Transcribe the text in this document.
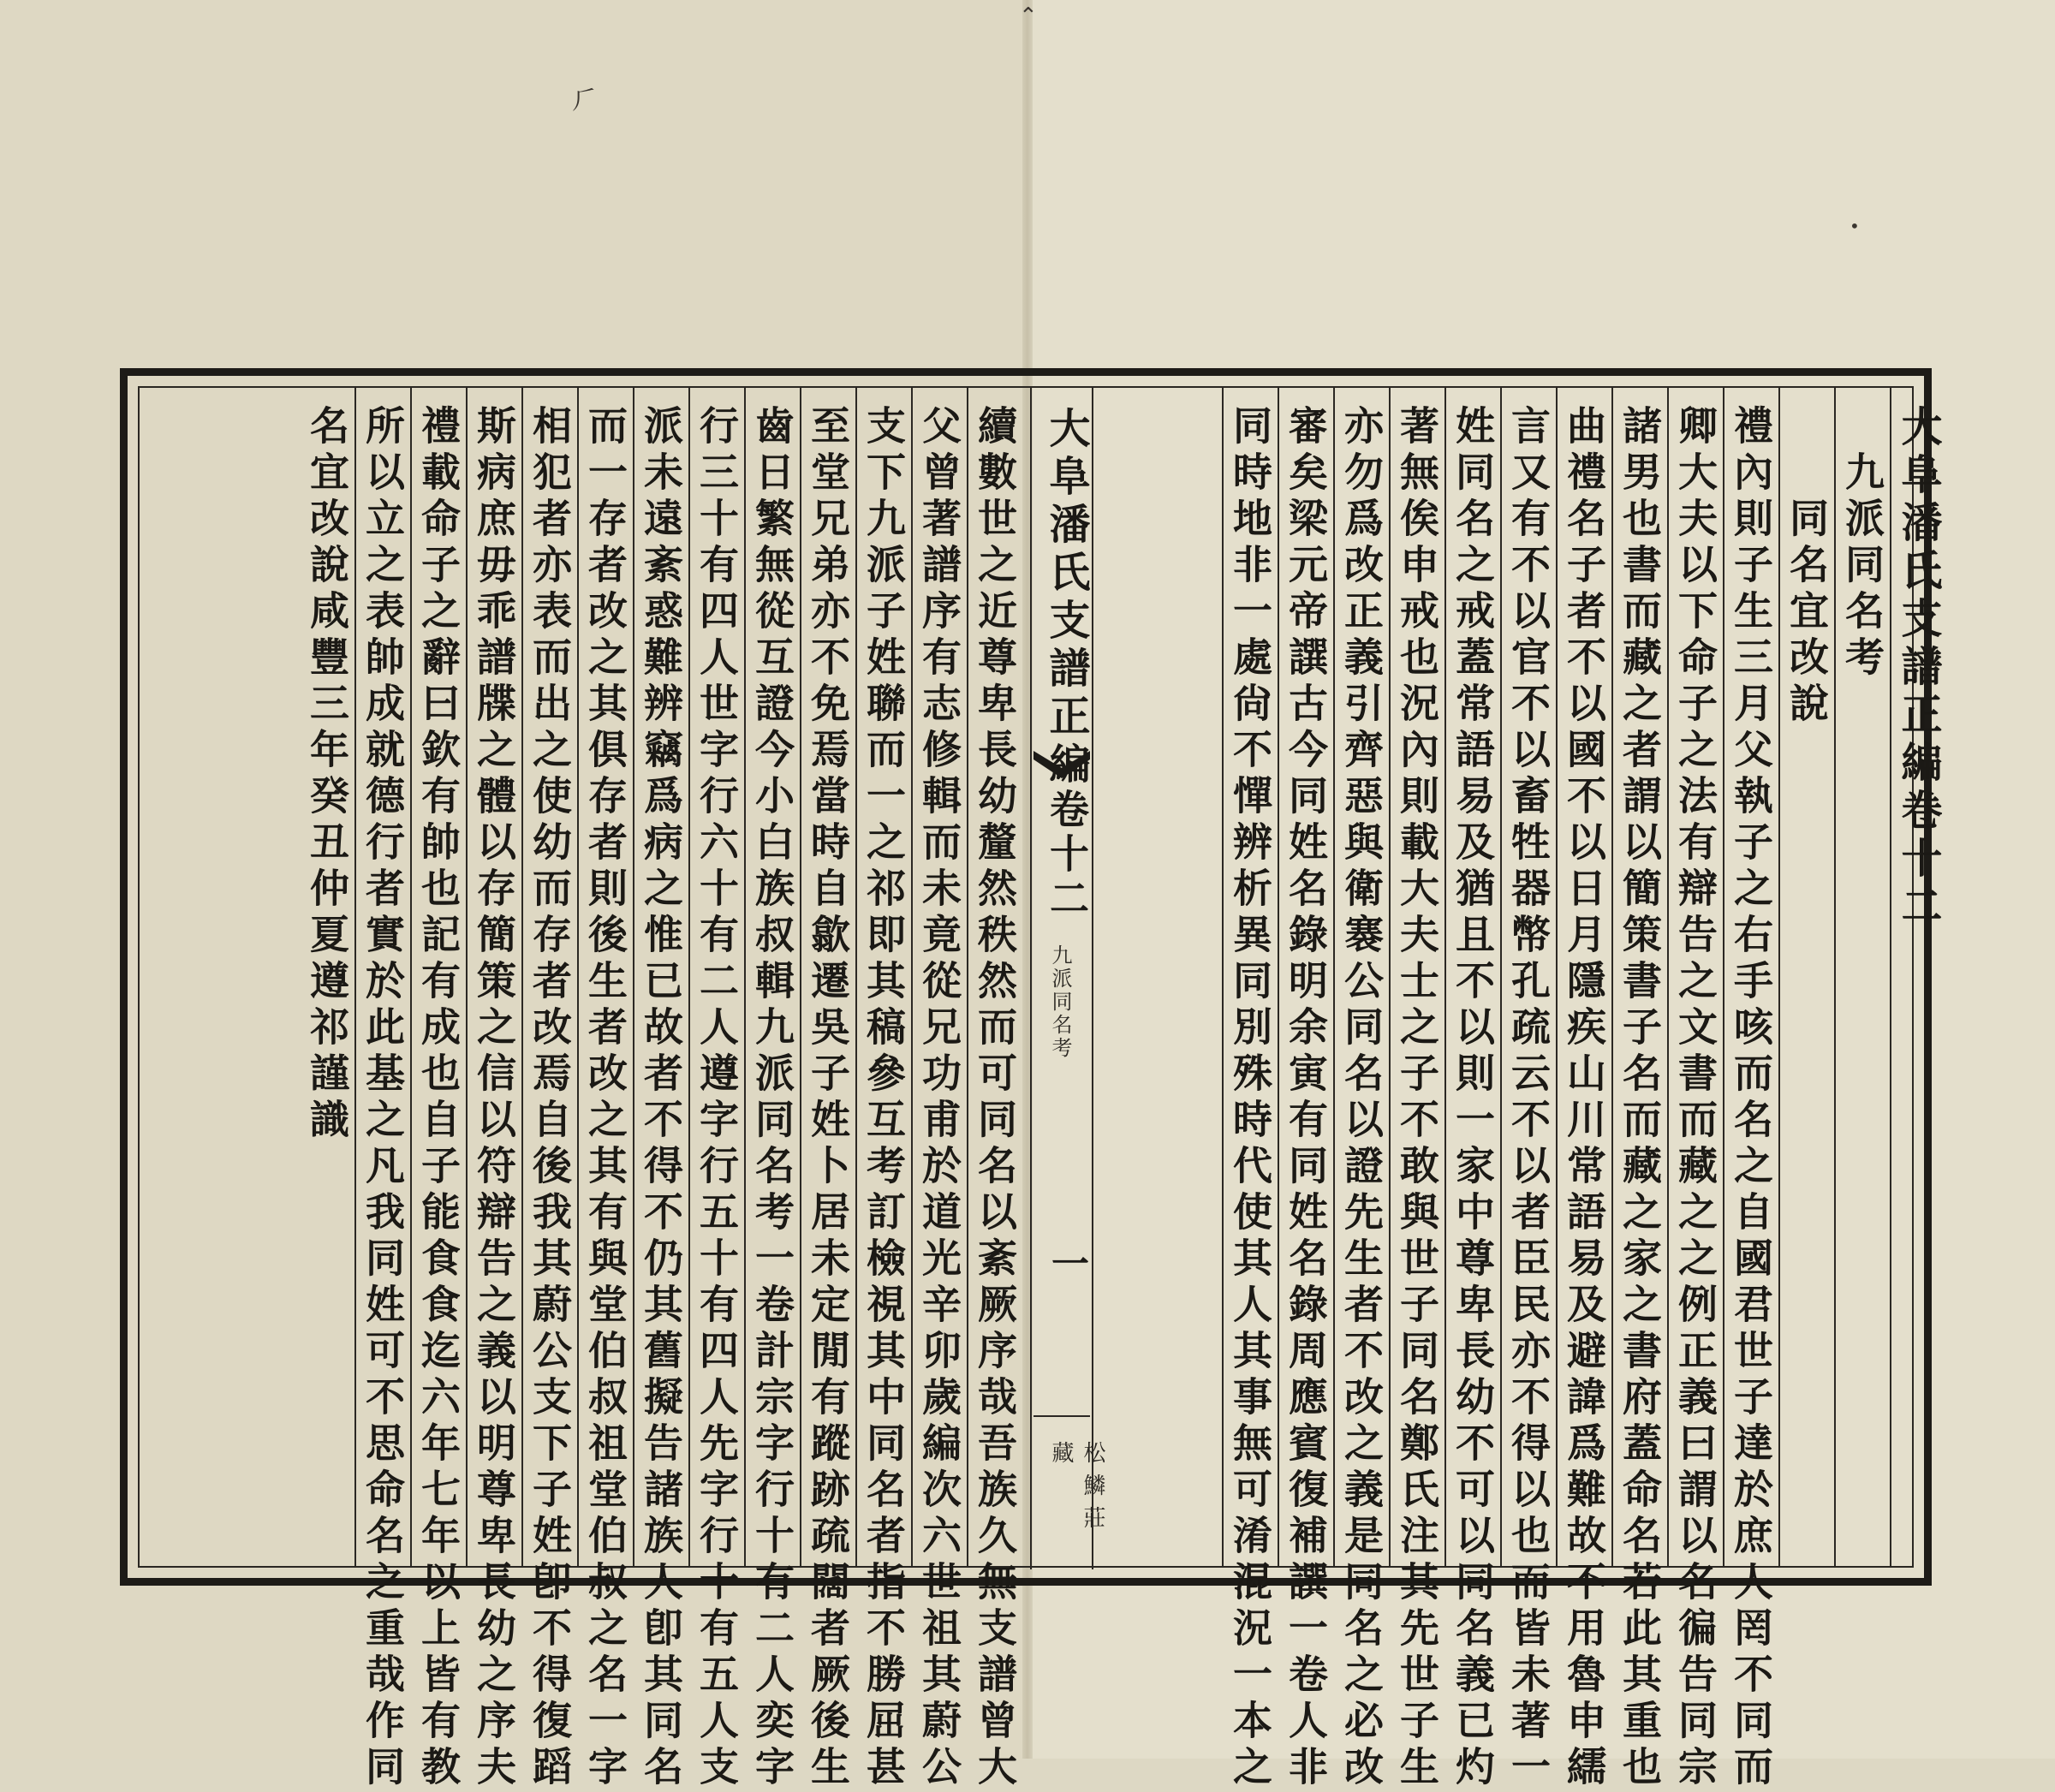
⺁
•
⌃
大阜潘氏支譜正編
卷十二
九派同名考
一
松鱗莊藏
大阜潘氏支譜正編卷十二
　九派同名考
　　同名宜改說
禮內則子生三月父執子之右手咳而名之自國君世子達於庶人罔不同而
卿大夫以下命子之法有辯告之文書而藏之之例正義曰謂以名徧告同宗
諸男也書而藏之者謂以簡策書子名而藏之家之書府蓋命名若此其重也
曲禮名子者不以國不以日月隱疾山川常語易及避諱爲難故不用魯申繻
言又有不以官不以畜牲器幣孔疏云不以者臣民亦不得以也而皆未著一
姓同名之戒蓋常語易及猶且不以則一家中尊卑長幼不可以同名義已灼
著無俟申戒也況內則載大夫士之子不敢與世子同名鄭氏注其先世子生
亦勿爲改正義引齊惡與衛褰公同名以證先生者不改之義是同名之必改
審矣梁元帝譔古今同姓名錄明余寅有同姓名錄周應賓復補譔一卷人非
同時地非一處尙不憚辨析異同別殊時代使其人其事無可淆混況一本之
續數世之近尊卑長幼釐然秩然而可同名以紊厥序哉吾族久無支譜曾大
父曾著譜序有志修輯而未竟從兄功甫於道光辛卯歲編次六世祖其蔚公
支下九派子姓聯而一之祁即其稿參互考訂檢視其中同名者指不勝屈甚
至堂兄弟亦不免焉當時自歙遷吳子姓卜居未定閒有蹤跡疏闊者厥後生
齒日繁無從互證今小白族叔輯九派同名考一卷計宗字行十有二人奕字
行三十有四人世字行六十有二人遵字行五十有四人先字行十有五人支
派未遠紊惑難辨竊爲病之惟已故者不得不仍其舊擬告諸族人卽其同名
而一存者改之其俱存者則後生者改之其有與堂伯叔祖堂伯叔之名一字
相犯者亦表而出之使幼而存者改焉自後我其蔚公支下子姓卽不得復蹈
斯病庶毋乖譜牒之體以存簡策之信以符辯告之義以明尊卑長幼之序夫
禮載命子之辭曰欽有帥也記有成也自子能食食迄六年七年以上皆有教
所以立之表帥成就德行者實於此基之凡我同姓可不思命名之重哉作同
名宜改說咸豐三年癸丑仲夏遵祁謹識
